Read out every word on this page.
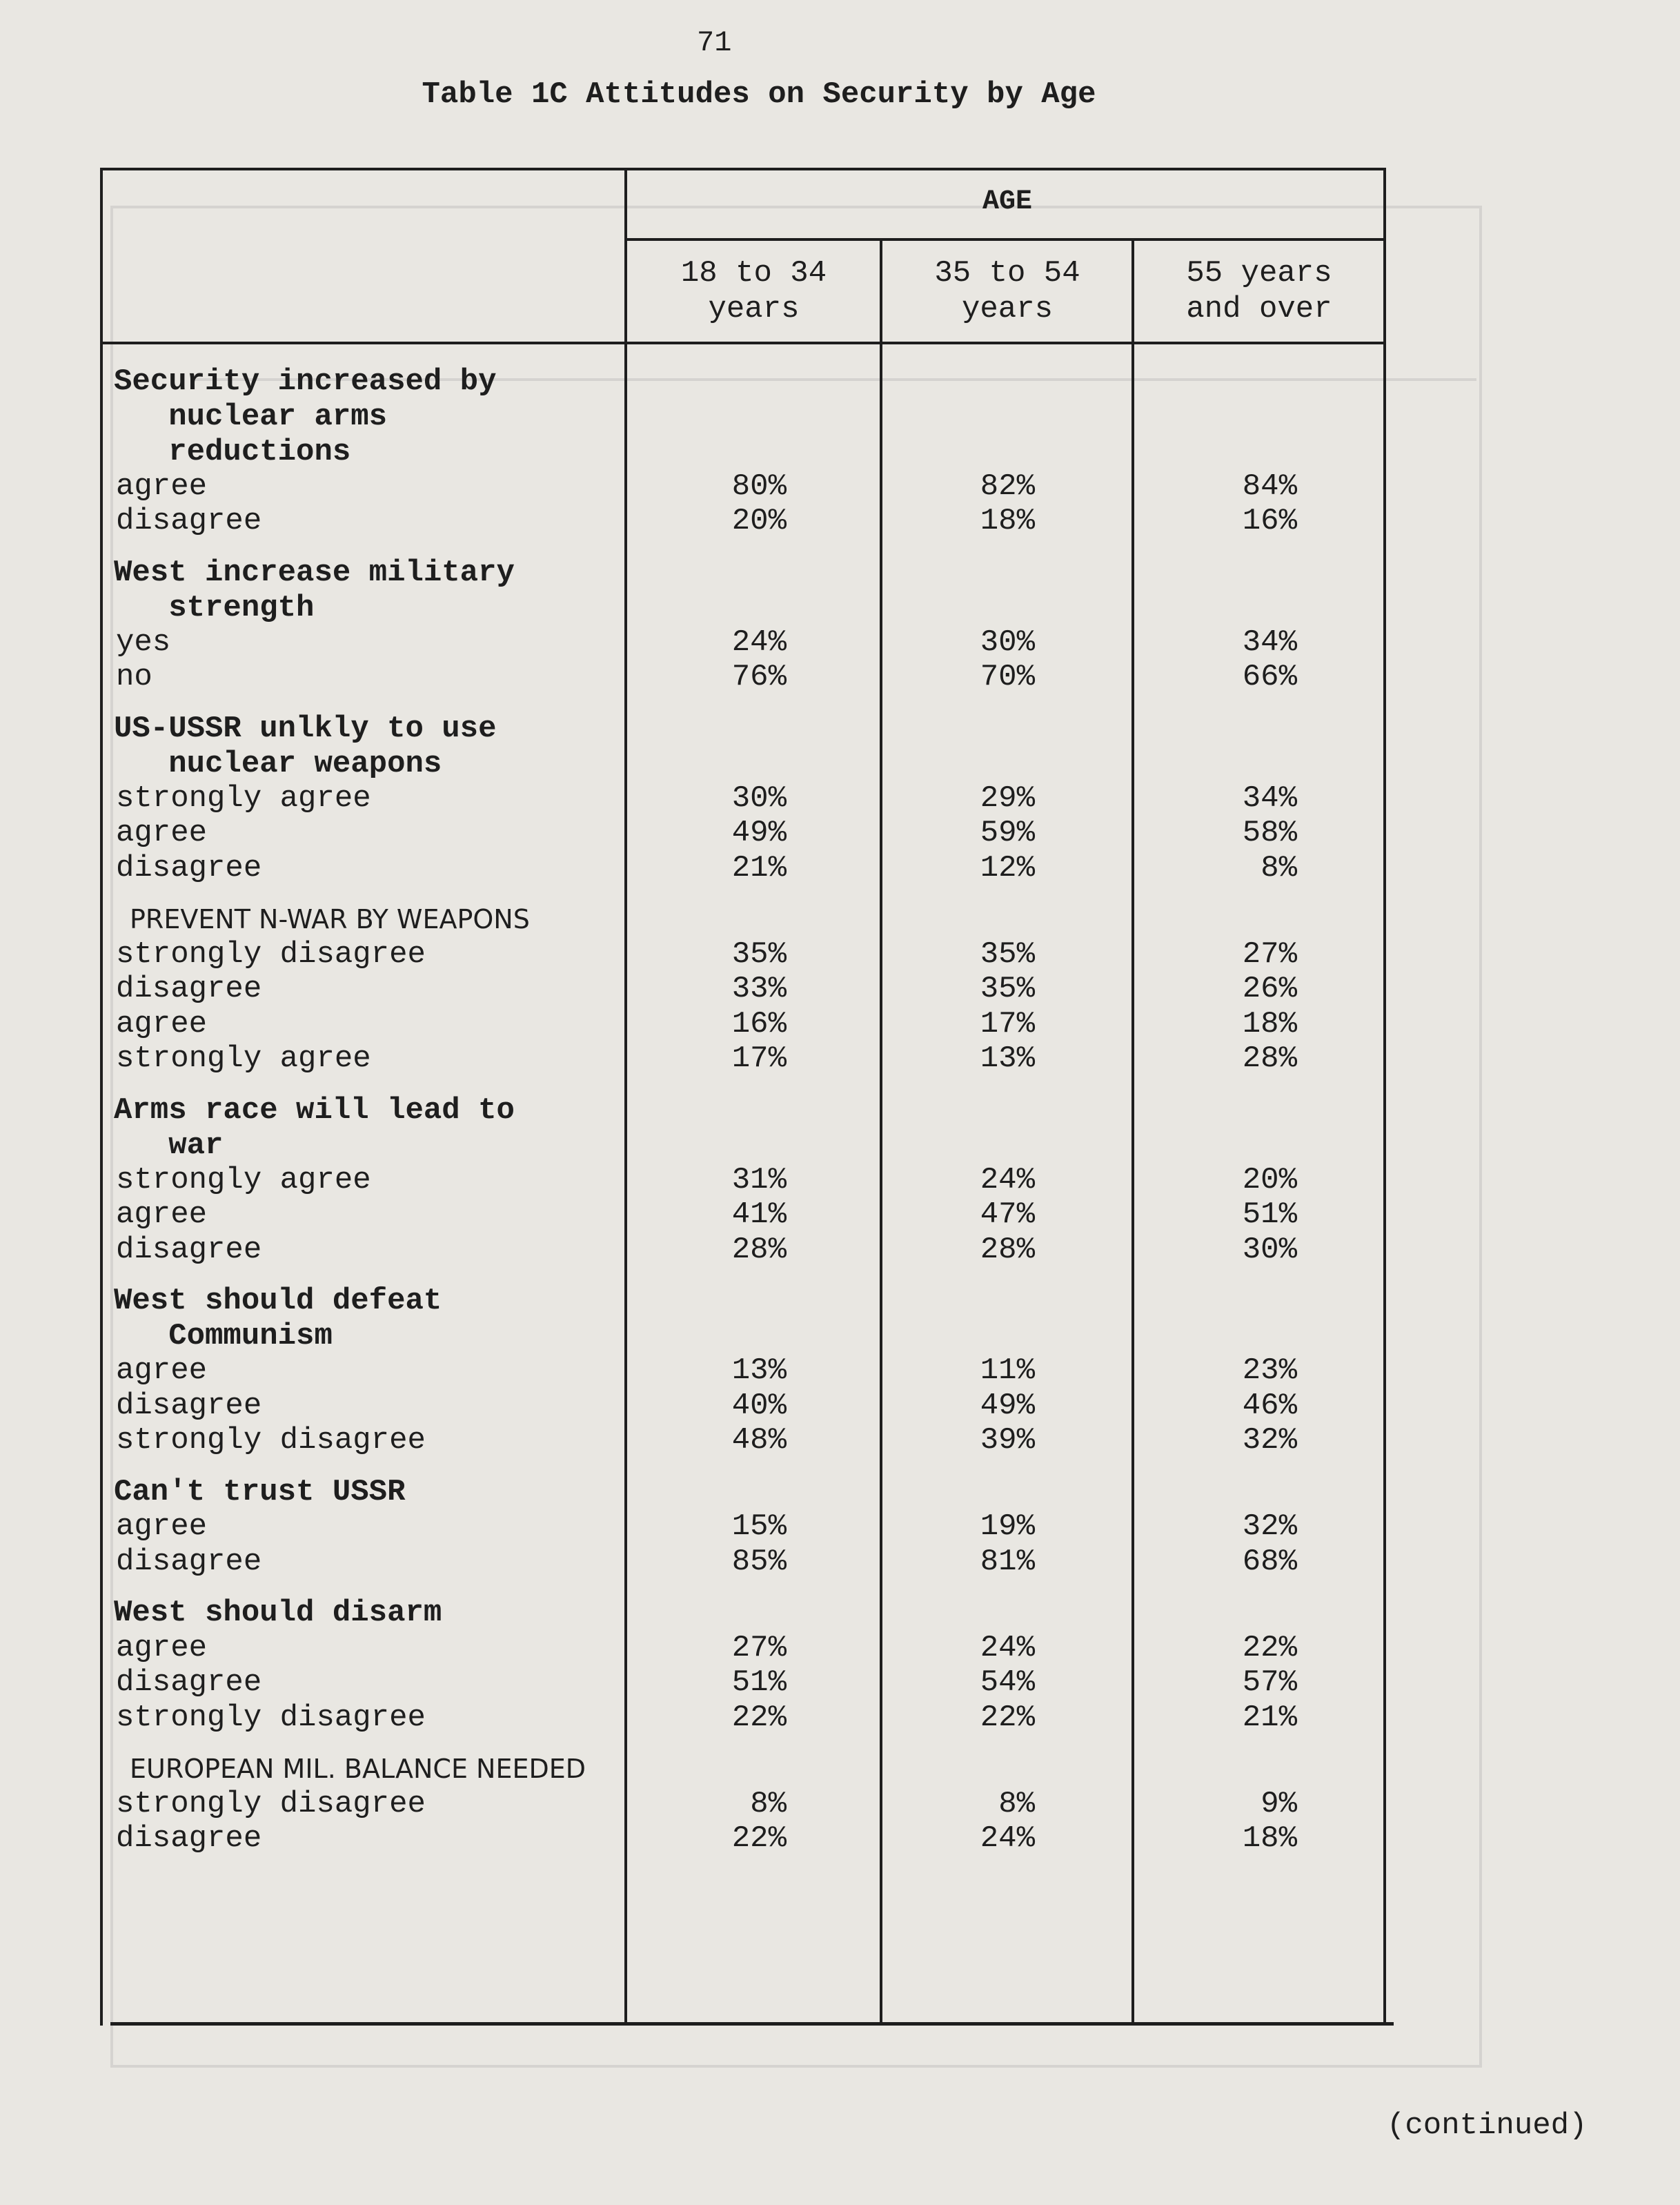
71
Table 1C Attitudes on Security by Age
AGE
18 to 34
years
35 to 54
years
55 years
and over
Security increased by
nuclear arms
reductions
agree	80%	82%	84%
disagree	20%	18%	16%
West increase military
strength
yes	24%	30%	34%
no	76%	70%	66%
US-USSR unlkly to use
nuclear weapons
strongly agree	30%	29%	34%
agree	49%	59%	58%
disagree	21%	12%	8%
PREVENT N-WAR BY WEAPONS
strongly disagree	35%	35%	27%
disagree	33%	35%	26%
agree	16%	17%	18%
strongly agree	17%	13%	28%
Arms race will lead to
war
strongly agree	31%	24%	20%
agree	41%	47%	51%
disagree	28%	28%	30%
West should defeat
Communism
agree	13%	11%	23%
disagree	40%	49%	46%
strongly disagree	48%	39%	32%
Can't trust USSR
agree	15%	19%	32%
disagree	85%	81%	68%
West should disarm
agree	27%	24%	22%
disagree	51%	54%	57%
strongly disagree	22%	22%	21%
EUROPEAN MIL. BALANCE NEEDED
strongly disagree	8%	8%	9%
disagree	22%	24%	18%
(continued)
